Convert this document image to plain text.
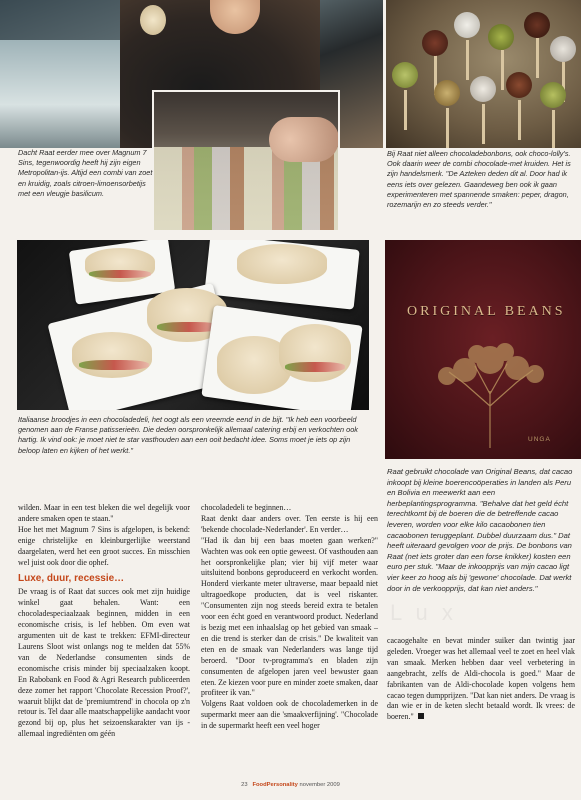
ORIGINAL BEANS
UNGA
Dacht Raat eerder mee over Magnum 7 Sins, tegenwoordig heeft hij zijn eigen Metropolitan-ijs. Altijd een combi van zoet en kruidig, zoals citroen-limoensorbetijs met een vleugje basilicum.
Bij Raat niet alleen chocoladebonbons, ook choco-lolly's. Ook daarin weer de combi chocolade-met kruiden. Het is zijn handelsmerk. "De Azteken deden dit al. Door had ik eens iets over gelezen. Gaandeweg ben ook ik gaan experimenteren met spannende smaken: peper, dragon, rozemarijn en zo steeds verder."
Italiaanse broodjes in een chocoladedeli, het oogt als een vreemde eend in de bijt. "Ik heb een voorbeeld genomen aan de Franse patisserieën. Die deden oorspronkelijk allemaal catering erbij en verkochten ook hartig. Ik vind ook: je moet niet te star vasthouden aan een ooit bedacht idee. Soms moet je iets op zijn beloop laten en kijken of het werkt."
Raat gebruikt chocolade van Original Beans, dat cacao inkoopt bij kleine boerencoöperaties in landen als Peru en Bolivia en meewerkt aan een herbeplantingsprogramma. "Behalve dat het geld écht terechtkomt bij de boeren die de betreffende cacao leveren, worden voor elke kilo cacaobonen tien cacaobonen teruggeplant. Dubbel duurzaam dus." Dat heeft uiteraard gevolgen voor de prijs. De bonbons van Raat (net iets groter dan een forse knikker) kosten een euro per stuk. "Maar de inkoopprijs van mijn cacao ligt vier keer zo hoog als bij 'gewone' chocolade. Dat werkt door in de verkoopprijs, dat kan niet anders."
L u x

wilden. Maar in een test bleken die wel degelijk voor andere smaken open te staan."

Hoe het met Magnum 7 Sins is afgelopen, is bekend: enige christelijke en kleinburgerlijke weerstand daargelaten, werd het een groot succes. En misschien wel juist ook door die ophef.

Luxe, duur, recessie…

De vraag is of Raat dat succes ook met zijn huidige winkel gaat behalen. Want: een chocoladespeciaalzaak beginnen, midden in een economische crisis, is lef hebben. Om even wat argumenten uit de kast te trekken: EFMI-directeur Laurens Sloot wist onlangs nog te melden dat 55% van de Nederlandse consumenten sinds de economische crisis minder bij speciaalzaken koopt. En Rabobank en Food & Agri Research publiceerden deze zomer het rapport 'Chocolate Recession Proof?', waaruit blijkt dat de 'premiumtrend' in chocola op z'n retour is. Tel daar alle maatschappelijke aandacht voor gezond bij op, plus het seizoenskarakter van ijs - allemaal ingrediënten om géén

chocoladedeli te beginnen…

Raat denkt daar anders over. Ten eerste is hij een 'bekende chocolade-Nederlander'. En verder…

"Had ik dan bij een baas moeten gaan werken?" Wachten was ook een optie geweest. Of vasthouden aan het oorspronkelijke plan; vier bij vijf meter waar uitsluitend bonbons geproduceerd en verkocht worden. Honderd vierkante meter ultraverse, maar bepaald niet ultragoedkope producten, dat is veel riskanter. "Consumenten zijn nog steeds bereid extra te betalen voor een écht goed en verantwoord product. Nederland is bezig met een inhaalslag op het gebied van smaak – en die trend is sterker dan de crisis." De kwaliteit van eten en de smaak van Nederlanders was lange tijd beroerd. "Door tv-programma's en bladen zijn consumenten de afgelopen jaren veel bewuster gaan eten. Ze kiezen voor pure en minder zoete smaken, daar profiteer ik van."

Volgens Raat voldoen ook de chocolademerken in de supermarkt meer aan die 'smaakverfijning'. "Chocolade in de supermarkt heeft een veel hoger

cacaogehalte en bevat minder suiker dan twintig jaar geleden. Vroeger was het allemaal veel te zoet en heel vlak van smaak. Merken hebben daar veel verbetering in aangebracht, zelfs de Aldi-chocola is goed." Maar de fabrikanten van de Aldi-chocolade kopen volgens hem cacao tegen dumpprijzen. "Dat kan niet anders. De vraag is dan wie er in de keten slecht betaald wordt. Ik vrees: de boeren."

23 FoodPersonality november 2009
